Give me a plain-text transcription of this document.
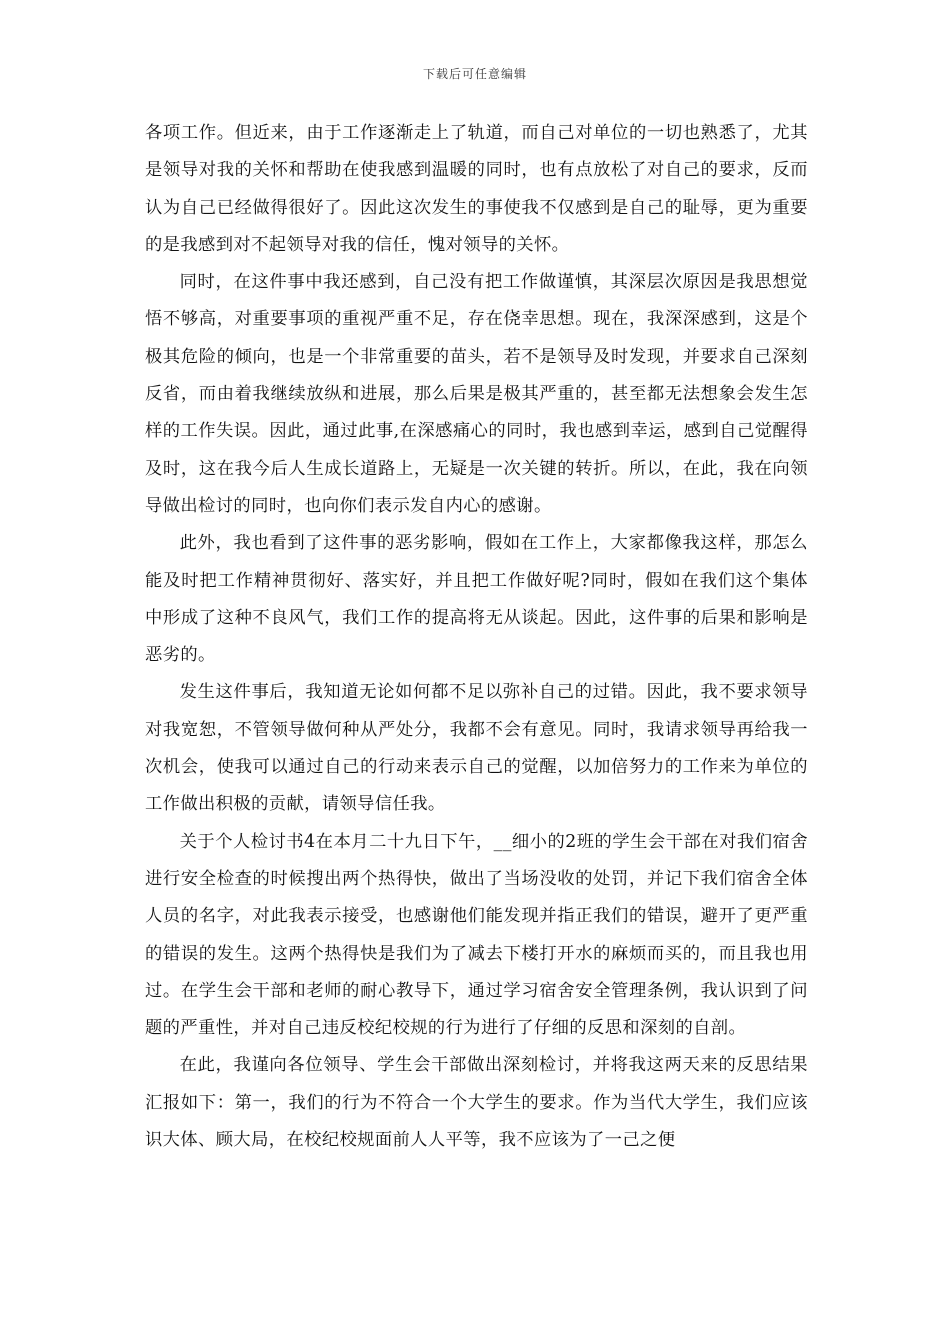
下载后可任意编辑

各项工作。但近来，由于工作逐渐走上了轨道，而自己对单位的一切也熟悉了，尤其是领导对我的关怀和帮助在使我感到温暖的同时，也有点放松了对自己的要求，反而认为自己已经做得很好了。因此这次发生的事使我不仅感到是自己的耻辱，更为重要的是我感到对不起领导对我的信任，愧对领导的关怀。

同时，在这件事中我还感到，自己没有把工作做谨慎，其深层次原因是我思想觉悟不够高，对重要事项的重视严重不足，存在侥幸思想。现在，我深深感到，这是个极其危险的倾向，也是一个非常重要的苗头，若不是领导及时发现，并要求自己深刻反省，而由着我继续放纵和进展，那么后果是极其严重的，甚至都无法想象会发生怎样的工作失误。因此，通过此事,在深感痛心的同时，我也感到幸运，感到自己觉醒得及时，这在我今后人生成长道路上，无疑是一次关键的转折。所以，在此，我在向领导做出检讨的同时，也向你们表示发自内心的感谢。

此外，我也看到了这件事的恶劣影响，假如在工作上，大家都像我这样，那怎么能及时把工作精神贯彻好、落实好，并且把工作做好呢?同时，假如在我们这个集体中形成了这种不良风气，我们工作的提高将无从谈起。因此，这件事的后果和影响是恶劣的。

发生这件事后，我知道无论如何都不足以弥补自己的过错。因此，我不要求领导对我宽恕，不管领导做何种从严处分，我都不会有意见。同时，我请求领导再给我一次机会，使我可以通过自己的行动来表示自己的觉醒，以加倍努力的工作来为单位的工作做出积极的贡献，请领导信任我。

关于个人检讨书4在本月二十九日下午，__细小的2班的学生会干部在对我们宿舍进行安全检查的时候搜出两个热得快，做出了当场没收的处罚，并记下我们宿舍全体人员的名字，对此我表示接受，也感谢他们能发现并指正我们的错误，避开了更严重的错误的发生。这两个热得快是我们为了减去下楼打开水的麻烦而买的，而且我也用过。在学生会干部和老师的耐心教导下，通过学习宿舍安全管理条例，我认识到了问题的严重性，并对自己违反校纪校规的行为进行了仔细的反思和深刻的自剖。

在此，我谨向各位领导、学生会干部做出深刻检讨，并将我这两天来的反思结果汇报如下：第一，我们的行为不符合一个大学生的要求。作为当代大学生，我们应该识大体、顾大局，在校纪校规面前人人平等，我不应该为了一己之便
